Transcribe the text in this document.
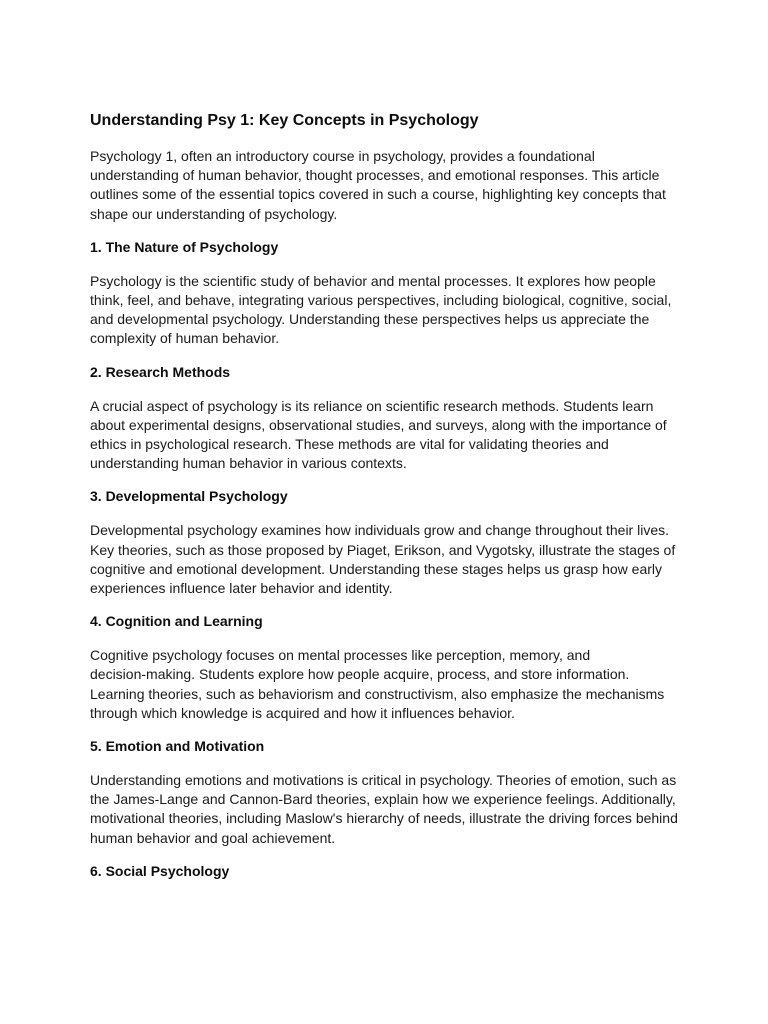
Understanding Psy 1: Key Concepts in Psychology

Psychology 1, often an introductory course in psychology, provides a foundational
understanding of human behavior, thought processes, and emotional responses. This article
outlines some of the essential topics covered in such a course, highlighting key concepts that
shape our understanding of psychology.

1. The Nature of Psychology

Psychology is the scientific study of behavior and mental processes. It explores how people
think, feel, and behave, integrating various perspectives, including biological, cognitive, social,
and developmental psychology. Understanding these perspectives helps us appreciate the
complexity of human behavior.

2. Research Methods

A crucial aspect of psychology is its reliance on scientific research methods. Students learn
about experimental designs, observational studies, and surveys, along with the importance of
ethics in psychological research. These methods are vital for validating theories and
understanding human behavior in various contexts.

3. Developmental Psychology

Developmental psychology examines how individuals grow and change throughout their lives.
Key theories, such as those proposed by Piaget, Erikson, and Vygotsky, illustrate the stages of
cognitive and emotional development. Understanding these stages helps us grasp how early
experiences influence later behavior and identity.

4. Cognition and Learning

Cognitive psychology focuses on mental processes like perception, memory, and
decision-making. Students explore how people acquire, process, and store information.
Learning theories, such as behaviorism and constructivism, also emphasize the mechanisms
through which knowledge is acquired and how it influences behavior.

5. Emotion and Motivation

Understanding emotions and motivations is critical in psychology. Theories of emotion, such as
the James-Lange and Cannon-Bard theories, explain how we experience feelings. Additionally,
motivational theories, including Maslow's hierarchy of needs, illustrate the driving forces behind
human behavior and goal achievement.

6. Social Psychology
